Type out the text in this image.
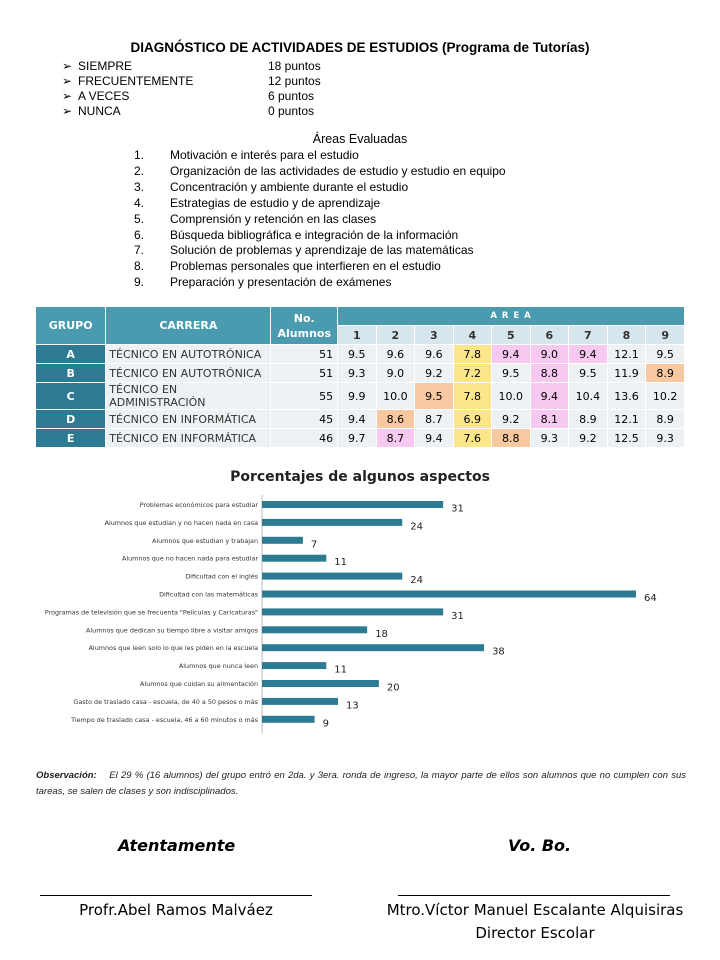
DIAGNÓSTICO DE ACTIVIDADES DE ESTUDIOS (Programa de Tutorías)
➢ SIEMPRE	18 puntos
➢ FRECUENTEMENTE	12 puntos
➢ A VECES	6 puntos
➢ NUNCA	0 puntos
Áreas Evaluadas
1. Motivación e interés para el estudio
2. Organización de las actividades de estudio y estudio en equipo
3. Concentración y ambiente durante el estudio
4. Estrategias de estudio y de aprendizaje
5. Comprensión y retención en las clases
6. Búsqueda bibliográfica e integración de la información
7. Solución de problemas y aprendizaje de las matemáticas
8. Problemas personales que interfieren en el estudio
9. Preparación y presentación de exámenes
GRUPO	CARRERA	No. Alumnos	A R E A								
			1	2	3	4	5	6	7	8	9
A	TÉCNICO EN AUTOTRÓNICA	51	9.5	9.6	9.6	7.8	9.4	9.0	9.4	12.1	9.5
B	TÉCNICO EN AUTOTRÓNICA	51	9.3	9.0	9.2	7.2	9.5	8.8	9.5	11.9	8.9
C	TÉCNICO EN ADMINISTRACIÓN	55	9.9	10.0	9.5	7.8	10.0	9.4	10.4	13.6	10.2
D	TÉCNICO EN INFORMÁTICA	45	9.4	8.6	8.7	6.9	9.2	8.1	8.9	12.1	8.9
E	TÉCNICO EN INFORMÁTICA	46	9.7	8.7	9.4	7.6	8.8	9.3	9.2	12.5	9.3
Porcentajes de algunos aspectos
Problemas económicos para estudiar	31
Alumnos que estudian y no hacen nada en casa	24
Alumnos que estudian y trabajan	7
Alumnos que no hacen nada para estudiar	11
Dificultad con el inglés	24
Dificultad con las matemáticas	64
Programas de televisión que se frecuenta "Películas y Caricaturas"	31
Alumnos que dedican su tiempo libre a visitar amigos	18
Alumnos que leen solo lo que les piden en la escuela	38
Alumnos que nunca leen	11
Alumnos que cuidan su alimentación	20
Gasto de traslado casa - escuela, de 40 a 50 pesos o más	13
Tiempo de traslado casa - escuela, 46 a 60 minutos o más	9
Observación: El 29 % (16 alumnos) del grupo entró en 2da. y 3era. ronda de ingreso, la mayor parte de ellos son alumnos que no cumplen con sus tareas, se salen de clases y son indisciplinados.
Atentamente	Vo. Bo.
Profr.Abel Ramos Malváez	Mtro.Víctor Manuel Escalante Alquisiras
Director Escolar
